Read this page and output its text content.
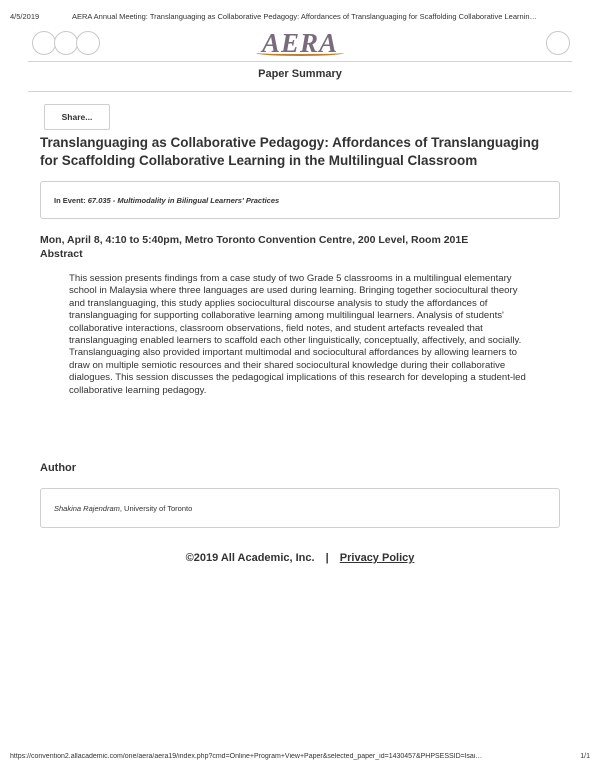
4/5/2019	AERA Annual Meeting: Translanguaging as Collaborative Pedagogy: Affordances of Translanguaging for Scaffolding Collaborative Learnin…
AERA
Paper Summary
Share...
Translanguaging as Collaborative Pedagogy: Affordances of Translanguaging for Scaffolding Collaborative Learning in the Multilingual Classroom
In Event: 67.035 - Multimodality in Bilingual Learners' Practices
Mon, April 8, 4:10 to 5:40pm, Metro Toronto Convention Centre, 200 Level, Room 201E
Abstract

This session presents findings from a case study of two Grade 5 classrooms in a multilingual elementary school in Malaysia where three languages are used during learning. Bringing together sociocultural theory and translanguaging, this study applies sociocultural discourse analysis to study the affordances of translanguaging for supporting collaborative learning among multilingual learners. Analysis of students' collaborative interactions, classroom observations, field notes, and student artefacts revealed that translanguaging enabled learners to scaffold each other linguistically, conceptually, affectively, and socially. Translanguaging also provided important multimodal and sociocultural affordances by allowing learners to draw on multiple semiotic resources and their shared sociocultural knowledge during their collaborative dialogues. This session discusses the pedagogical implications of this research for developing a student-led collaborative learning pedagogy.

Author
Shakina Rajendram, University of Toronto
©2019 All Academic, Inc. | Privacy Policy
https://convention2.allacademic.com/one/aera/aera19/index.php?cmd=Online+Program+View+Paper&selected_paper_id=1430457&PHPSESSID=lsai…	1/1
